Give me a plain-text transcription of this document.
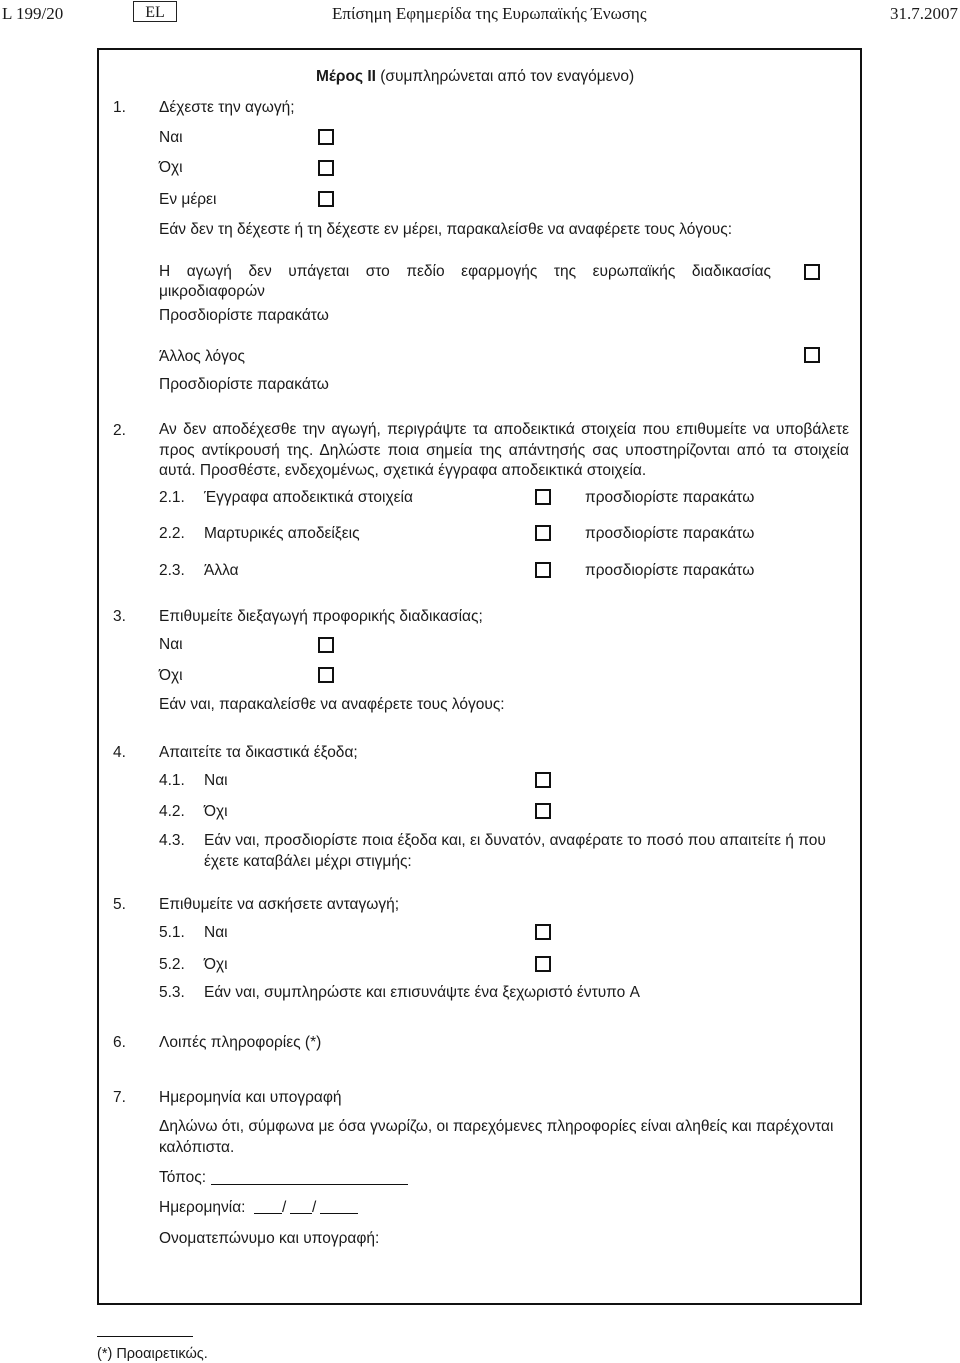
L 199/20	EL	Επίσημη Εφημερίδα της Ευρωπαϊκής Ένωσης	31.7.2007
Μέρος II (συμπληρώνεται από τον εναγόμενο)
1. Δέχεστε την αγωγή;
Ναι
Όχι
Εν μέρει
Εάν δεν τη δέχεστε ή τη δέχεστε εν μέρει, παρακαλείσθε να αναφέρετε τους λόγους:
Η αγωγή δεν υπάγεται στο πεδίο εφαρμογής της ευρωπαϊκής διαδικασίας
μικροδιαφορών
Προσδιορίστε παρακάτω
Άλλος λόγος
Προσδιορίστε παρακάτω
2. Αν δεν αποδέχεσθε την αγωγή, περιγράψτε τα αποδεικτικά στοιχεία που επιθυμείτε να υποβάλετε προς αντίκρουσή της. Δηλώστε ποια σημεία της απάντησής σας υποστηρίζονται από τα στοιχεία αυτά. Προσθέστε, ενδεχομένως, σχετικά έγγραφα αποδεικτικά στοιχεία.
2.1. Έγγραφα αποδεικτικά στοιχεία	προσδιορίστε παρακάτω
2.2. Μαρτυρικές αποδείξεις	προσδιορίστε παρακάτω
2.3. Άλλα	προσδιορίστε παρακάτω
3. Επιθυμείτε διεξαγωγή προφορικής διαδικασίας;
Ναι
Όχι
Εάν ναι, παρακαλείσθε να αναφέρετε τους λόγους:
4. Απαιτείτε τα δικαστικά έξοδα;
4.1. Ναι
4.2. Όχι
4.3. Εάν ναι, προσδιορίστε ποια έξοδα και, ει δυνατόν, αναφέρατε το ποσό που απαιτείτε ή που έχετε καταβάλει μέχρι στιγμής:
5. Επιθυμείτε να ασκήσετε ανταγωγή;
5.1. Ναι
5.2. Όχι
5.3. Εάν ναι, συμπληρώστε και επισυνάψτε ένα ξεχωριστό έντυπο A
6. Λοιπές πληροφορίες (*)
7. Ημερομηνία και υπογραφή
Δηλώνω ότι, σύμφωνα με όσα γνωρίζω, οι παρεχόμενες πληροφορίες είναι αληθείς και παρέχονται καλόπιστα.
Τόπος:
Ημερομηνία: / /
Ονοματεπώνυμο και υπογραφή:
(*) Προαιρετικώς.
